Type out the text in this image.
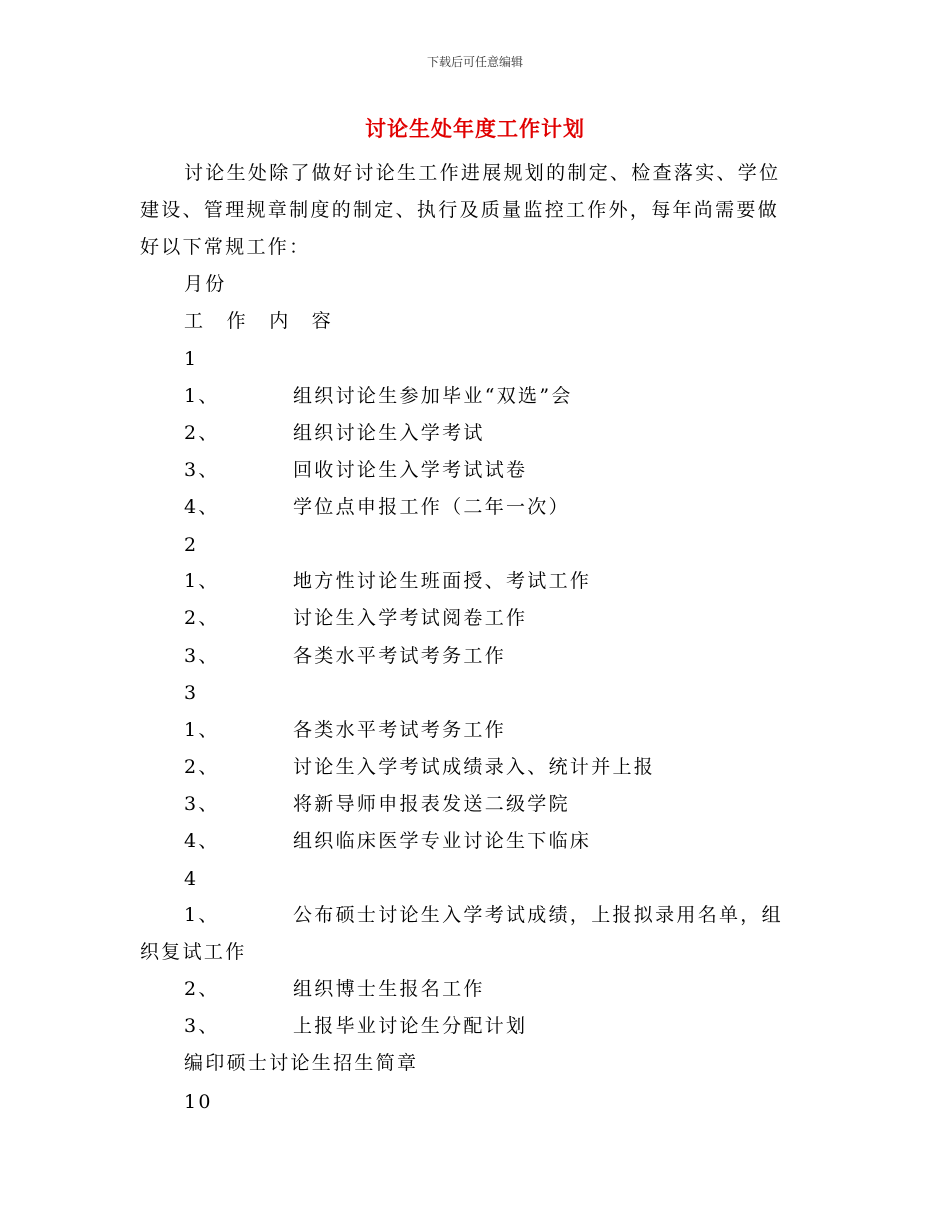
下载后可任意编辑
讨论生处年度工作计划
讨论生处除了做好讨论生工作进展规划的制定、检查落实、学位建设、管理规章制度的制定、执行及质量监控工作外，每年尚需要做好以下常规工作：
月份
工　作　内　容
1
1、	组织讨论生参加毕业“双选”会
2、	组织讨论生入学考试
3、	回收讨论生入学考试试卷
4、	学位点申报工作（二年一次）
2
1、	地方性讨论生班面授、考试工作
2、	讨论生入学考试阅卷工作
3、	各类水平考试考务工作
3
1、	各类水平考试考务工作
2、	讨论生入学考试成绩录入、统计并上报
3、	将新导师申报表发送二级学院
4、	组织临床医学专业讨论生下临床
4
1、	公布硕士讨论生入学考试成绩，上报拟录用名单，组
织复试工作
2、	组织博士生报名工作
3、	上报毕业讨论生分配计划
编印硕士讨论生招生简章
10
